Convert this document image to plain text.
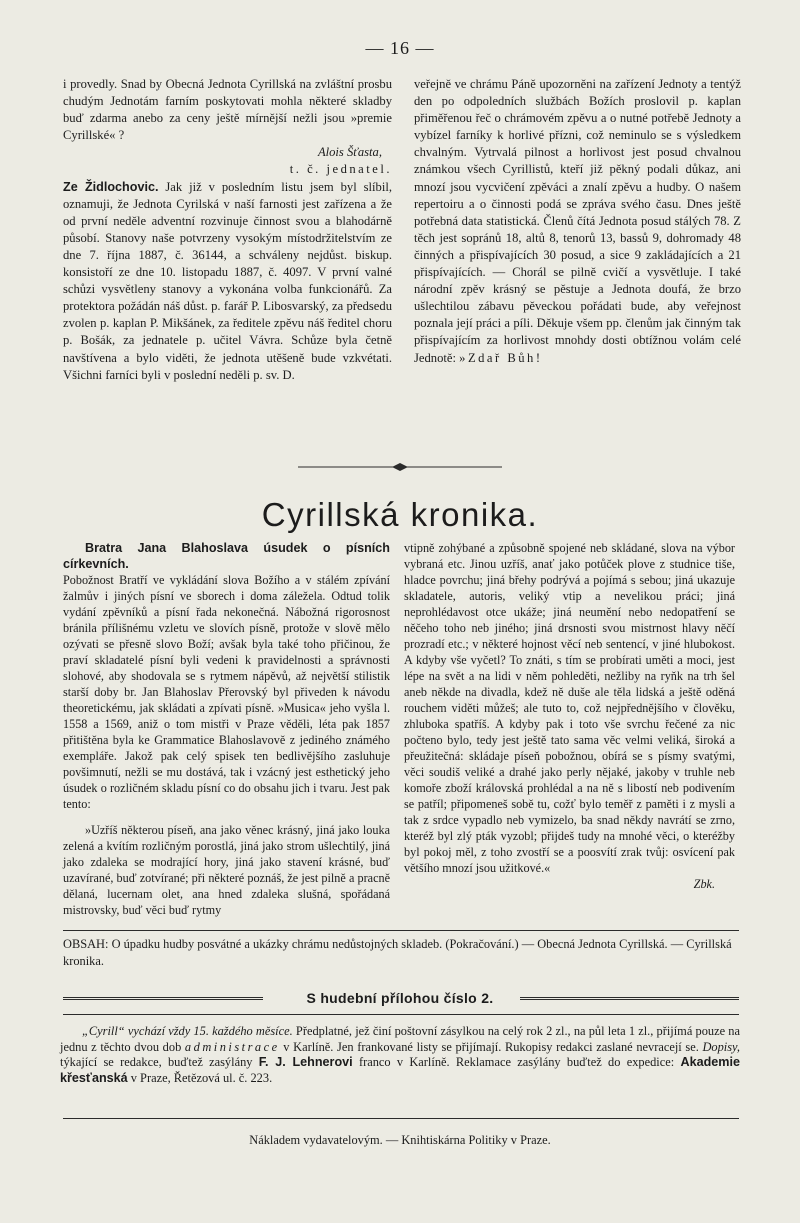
— 16 —

i provedly. Snad by Obecná Jednota Cyrillská na zvláštní prosbu chudým Jednotám farním poskytovati mohla některé skladby buď zdarma anebo za ceny ještě mírnější nežli jsou »premie Cyrillské« ?

Alois Šťasta,

t. č. jednatel.

Ze Židlochovic. Jak již v posledním listu jsem byl slíbil, oznamuji, že Jednota Cyrilská v naší farnosti jest zařízena a že od první neděle adventní rozvinuje činnost svou a blahodárně působí. Stanovy naše potvrzeny vysokým místodržitelstvím ze dne 7. října 1887, č. 36144, a schváleny nejdůst. biskup. konsistoří ze dne 10. listopadu 1887, č. 4097. V první valné schůzi vysvětleny stanovy a vykonána volba funkcionářů. Za protektora požádán náš důst. p. farář P. Libosvarský, za předsedu zvolen p. kaplan P. Mikšánek, za ředitele zpěvu náš ředitel choru p. Bošák, za jednatele p. učitel Vávra. Schůze byla četně navštívena a bylo viděti, že jednota utěšeně bude vzkvétati. Všichni farníci byli v poslední neděli p. sv. D.

veřejně ve chrámu Páně upozorněni na zařízení Jednoty a tentýž den po odpoledních službách Božích proslovil p. kaplan přiměřenou řeč o chrámovém zpěvu a o nutné potřebě Jednoty a vybízel farníky k horlivé přízni, což neminulo se s výsledkem chvalným. Vytrvalá pilnost a horlivost jest posud chvalnou známkou všech Cyrillistů, kteří již pěkný podali důkaz, ani mnozí jsou vycvičení zpěváci a znalí zpěvu a hudby. O našem repertoiru a o činnosti podá se zpráva svého času. Dnes ještě potřebná data statistická. Členů čítá Jednota posud stálých 78. Z těch jest sopránů 18, altů 8, tenorů 13, bassů 9, dohromady 48 činných a přispívajících 30 posud, a sice 9 zakládajících a 21 přispívajících. — Chorál se pilně cvičí a vysvětluje. I také národní zpěv krásný se pěstuje a Jednota doufá, že brzo ušlechtilou zábavu pěveckou pořádati bude, aby veřejnost poznala její práci a píli. Děkuje všem pp. členům jak činným tak přispívajícím za horlivost mnohdy dosti obtížnou volám celé Jednotě: »Zdař Bůh!

Cyrillská kronika.

Bratra Jana Blahoslava úsudek o písních církevních. Pobožnost Bratří ve vykládání slova Božího a v stálém zpívání žalmův i jiných písní ve sborech i doma záležela. Odtud tolik vydání zpěvníků a písní řada nekonečná. Nábožná rigorosnost bránila přílišnému vzletu ve slovích písně, protože v slově mělo ozývati se přesně slovo Boží; avšak byla také toho přičinou, že praví skladatelé písní byli vedeni k pravidelnosti a správnosti slohové, aby shodovala se s rytmem nápěvů, až největší stilistik starší doby br. Jan Blahoslav Přerovský byl přiveden k návodu theoretickému, jak skládati a zpívati písně. »Musica« jeho vyšla l. 1558 a 1569, aniž o tom mistři v Praze věděli, léta pak 1857 přitištěna byla ke Grammatice Blahoslavově z jediného známého exempláře. Jakož pak celý spisek ten bedlivějšího zasluhuje povšimnutí, nežli se mu dostává, tak i vzácný jest esthetický jeho úsudek o rozličném skladu písní co do obsahu jich i tvaru. Jest pak tento:

»Uzříš některou píseň, ana jako věnec krásný, jiná jako louka zelená a kvítím rozličným porostlá, jiná jako strom ušlechtilý, jiná jako zdaleka se modrající hory, jiná jako stavení krásné, buď uzavírané, buď zotvírané; při některé poznáš, že jest pilně a pracně dělaná, lucernam olet, ana hned zdaleka slušná, spořádaná mistrovsky, buď věci buď rytmy

vtipně zohýbané a způsobně spojené neb skládané, slova na výbor vybraná etc. Jinou uzříš, anať jako potůček plove z studnice tiše, hladce povrchu; jiná břehy podrývá a pojímá s sebou; jiná ukazuje skladatele, autoris, veliký vtip a nevelikou práci; jiná neprohlédavost otce ukáže; jiná neumění nebo nedopatření se něčeho toho neb jiného; jiná drsnosti svou mistrnost hlavy něčí prozradí etc.; v některé hojnost věcí neb sentencí, v jiné hlubokost. A kdyby vše vyčetl? To znáti, s tím se probírati uměti a moci, jest lépe na svět a na lidi v něm pohleděti, nežliby na ryňk na trh šel aneb někde na divadla, kdež ně duše ale těla lidská a ještě oděná rouchem viděti můžeš; ale tuto to, což nejpřednějšího v člověku, zhluboka spatříš. A kdyby pak i toto vše svrchu řečené za nic počteno bylo, tedy jest ještě tato sama věc velmi veliká, široká a přeužitečná: skládaje píseň pobožnou, obírá se s písmy svatými, věci soudiš veliké a drahé jako perly nějaké, jakoby v truhle neb komoře zboží královská prohlédal a na ně s libostí neb podivením se patříl; připomeneš sobě tu, cožť bylo teměř z paměti i z mysli a tak z srdce vypadlo neb vymizelo, ba snad někdy navrátí se zrno, kteréž byl zlý pták vyzobl; přijdeš tudy na mnohé věci, o kteréžby byl pokoj měl, z toho zvostří se a poosvítí zrak tvůj: osvícení pak většího mnozí jsou užitkové.«

Zbk.

OBSAH: O úpadku hudby posvátné a ukázky chrámu nedůstojných skladeb. (Pokračování.) — Obecná Jednota Cyrillská. — Cyrillská kronika.
S hudební přílohou číslo 2.

„Cyrill“ vychází vždy 15. každého měsíce. Předplatné, jež činí poštovní zásylkou na celý rok 2 zl., na půl leta 1 zl., přijímá pouze na jednu z těchto dvou dob administrace v Karlíně. Jen frankované listy se přijímají. Rukopisy redakci zaslané nevracejí se. Dopisy, týkající se redakce, buďtež zasýlány F. J. Lehnerovi franco v Karlíně. Reklamace zasýlány buďtež do expedice: Akademie křesťanská v Praze, Řetězová ul. č. 223.

Nákladem vydavatelovým. — Knihtiskárna Politiky v Praze.
